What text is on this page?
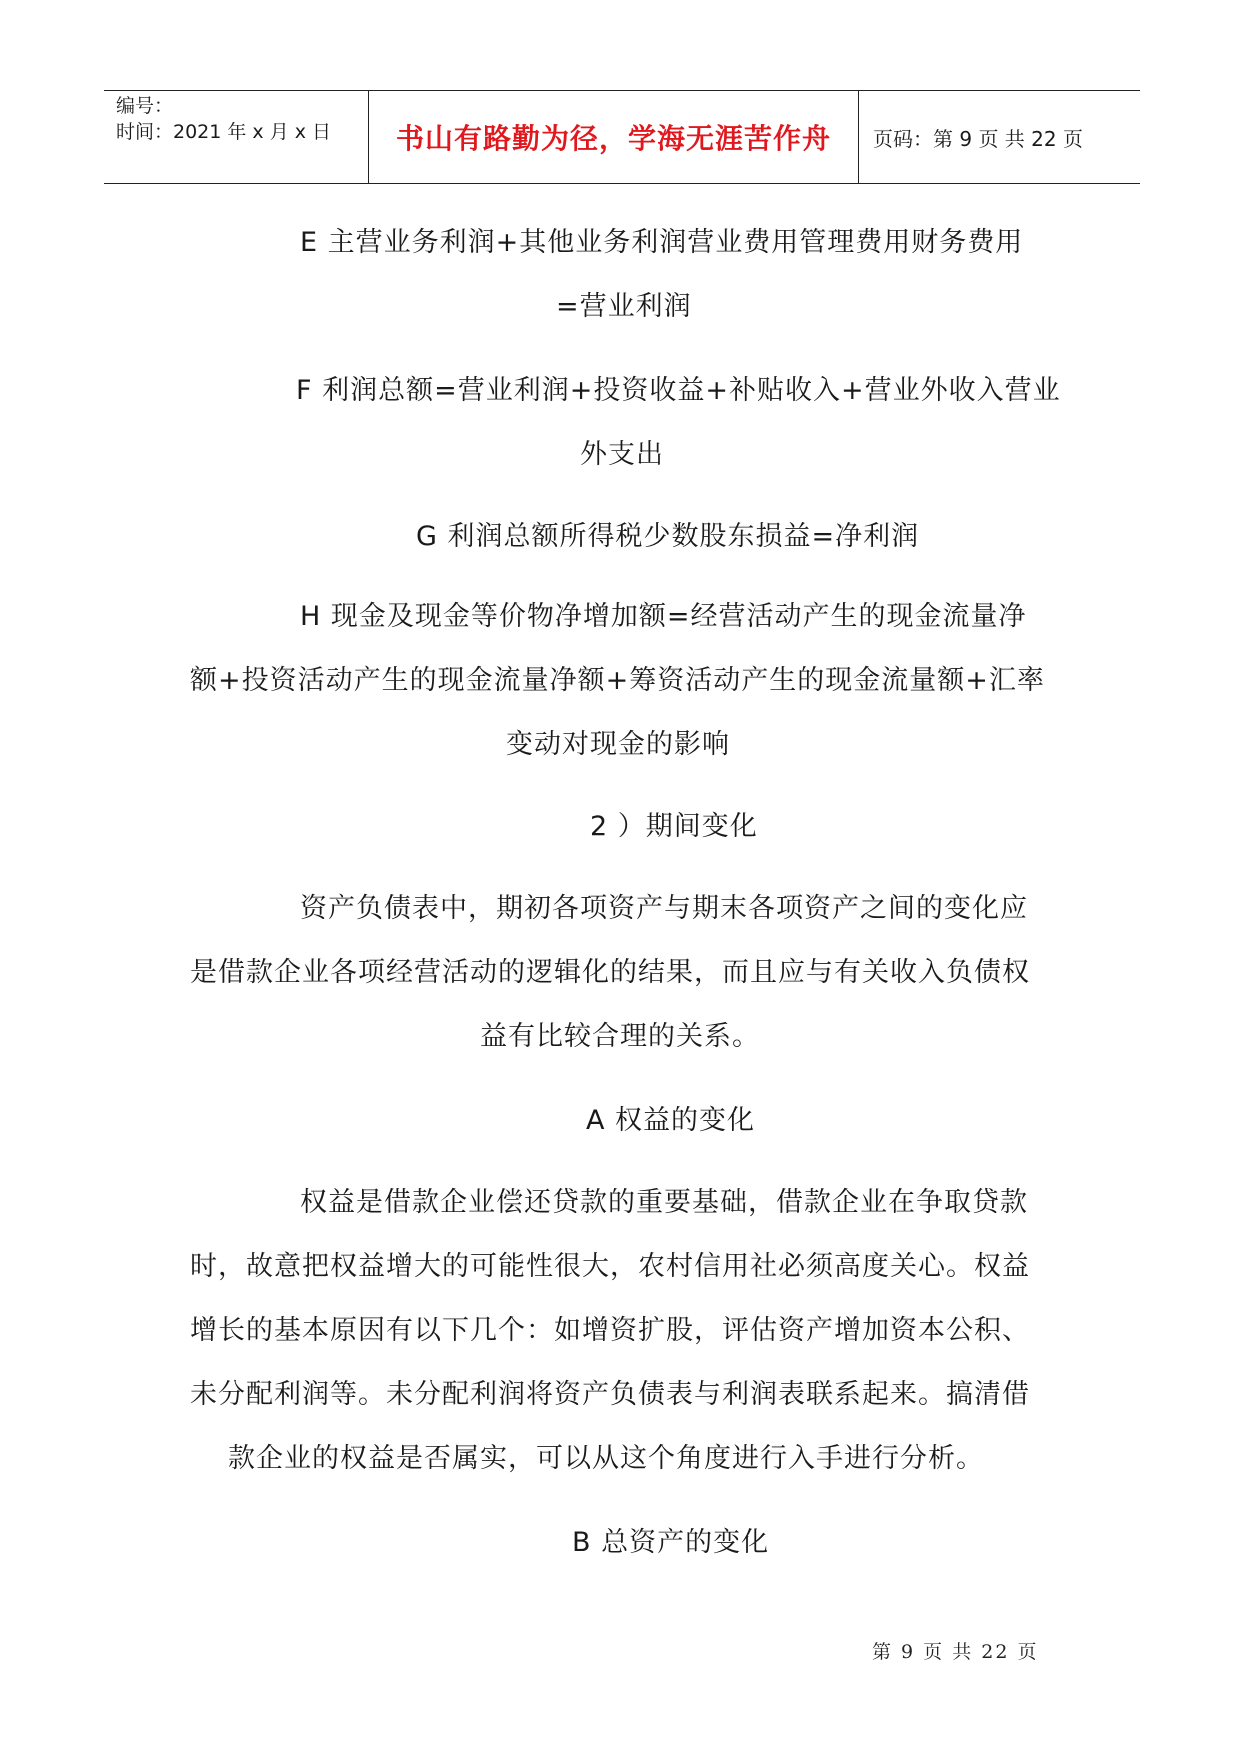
编号：
时间：2021 年 x 月 x 日	书山有路勤为径，学海无涯苦作舟 页码：第 9 页 共 22 页
E 主营业务利润+其他业务利润营业费用管理费用财务费用
=营业利润
F 利润总额=营业利润+投资收益+补贴收入+营业外收入营业
外支出
G 利润总额所得税少数股东损益=净利润
H 现金及现金等价物净增加额=经营活动产生的现金流量净
额+投资活动产生的现金流量净额+筹资活动产生的现金流量额+汇率
变动对现金的影响
2 ）期间变化
资产负债表中，期初各项资产与期末各项资产之间的变化应
是借款企业各项经营活动的逻辑化的结果，而且应与有关收入负债权
益有比较合理的关系。
A 权益的变化
权益是借款企业偿还贷款的重要基础，借款企业在争取贷款
时，故意把权益增大的可能性很大，农村信用社必须高度关心。权益
增长的基本原因有以下几个：如增资扩股，评估资产增加资本公积、
未分配利润等。未分配利润将资产负债表与利润表联系起来。搞清借
款企业的权益是否属实，可以从这个角度进行入手进行分析。
B 总资产的变化
第 9 页 共 22 页
